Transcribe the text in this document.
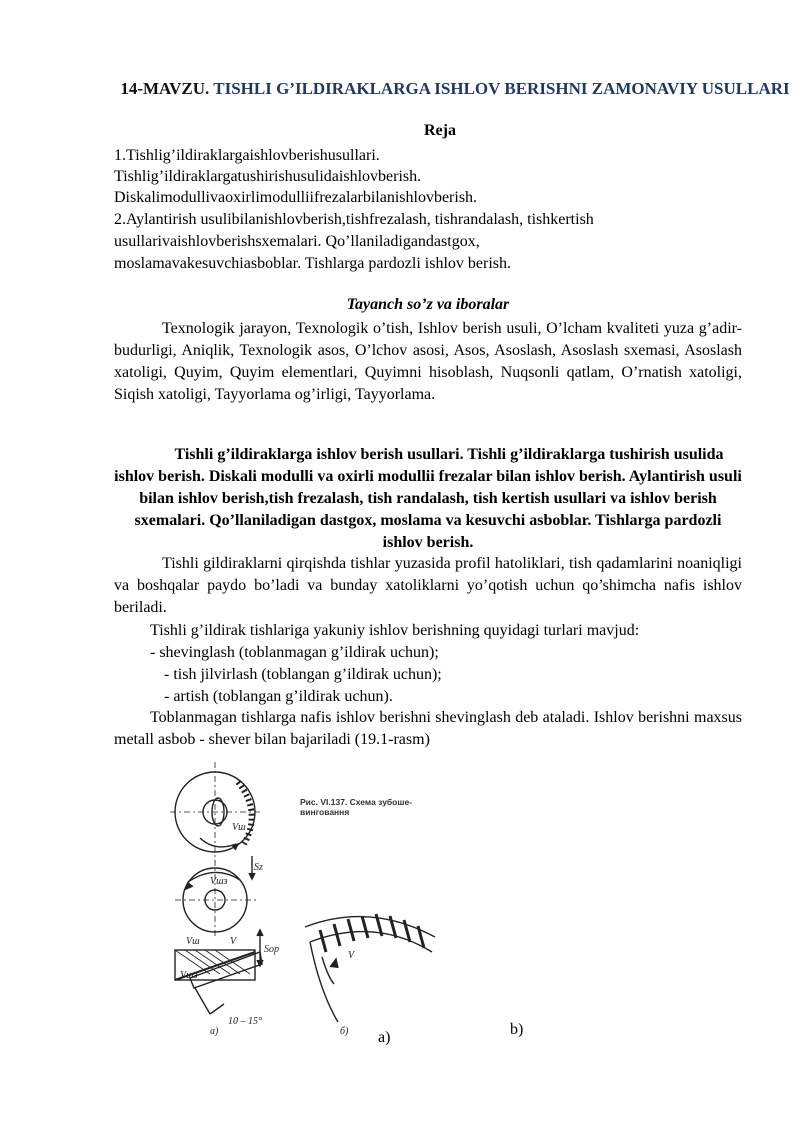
14-MAVZU. TISHLI G’ILDIRAKLARGA ISHLOV BERISHNI ZAMONAVIY USULLARI

Reja

1.Tishlig’ildiraklargaishlovberishusullari.

Tishlig’ildiraklargatushirishusulidaishlovberish.

Diskalimodullivaoxirlimodulliifrezalarbilanishlovberish.

2.Aylantirish usulibilanishlovberish,tishfrezalash, tishrandalash, tishkertish

usullarivaishlovberishsxemalari. Qo’llaniladigandastgox,

moslamavakesuvchiasboblar. Tishlarga pardozli ishlov berish.

Tayanch so’z va iboralar

Texnologik jarayon, Texnologik o’tish, Ishlov berish usuli, O’lcham kvaliteti yuza g’adir-budurligi, Aniqlik, Texnologik asos, O’lchov asosi, Asos, Asoslash, Asoslash sxemasi, Asoslash xatoligi, Quyim, Quyim elementlari, Quyimni hisoblash, Nuqsonli qatlam, O’rnatish xatoligi, Siqish xatoligi, Tayyorlama og’irligi, Tayyorlama.

Tishli g’ildiraklarga ishlov berish usullari. Tishli g’ildiraklarga tushirish usulida ishlov berish. Diskali modulli va oxirli modullii frezalar bilan ishlov berish. Aylantirish usuli bilan ishlov berish,tish frezalash, tish randalash, tish kertish usullari va ishlov berish sxemalari. Qo’llaniladigan dastgox, moslama va kesuvchi asboblar. Tishlarga pardozli ishlov berish.

Tishli gildiraklarni qirqishda tishlar yuzasida profil hatoliklari, tish qadamlarini noaniqligi va boshqalar paydo bo’ladi va bunday xatoliklarni yo’qotish uchun qo’shimcha nafis ishlov beriladi.

Tishli g’ildirak tishlariga yakuniy ishlov berishning quyidagi turlari mavjud:

- shevinglash (toblanmagan g’ildirak uchun);

- tish jilvirlash (toblangan g’ildirak uchun);

- artish (toblangan g’ildirak uchun).

Toblanmagan tishlarga nafis ishlov berishni shevinglash deb ataladi. Ishlov berishni maxsus metall asbob - shever bilan bajariladi (19.1-rasm)

Vш
Sz
Vшз
Sор
V
Vш
Vшз
10 – 15°
V
а)	б)
Рис. VI.137. Схема зубоше-
винговання
a)	b)
